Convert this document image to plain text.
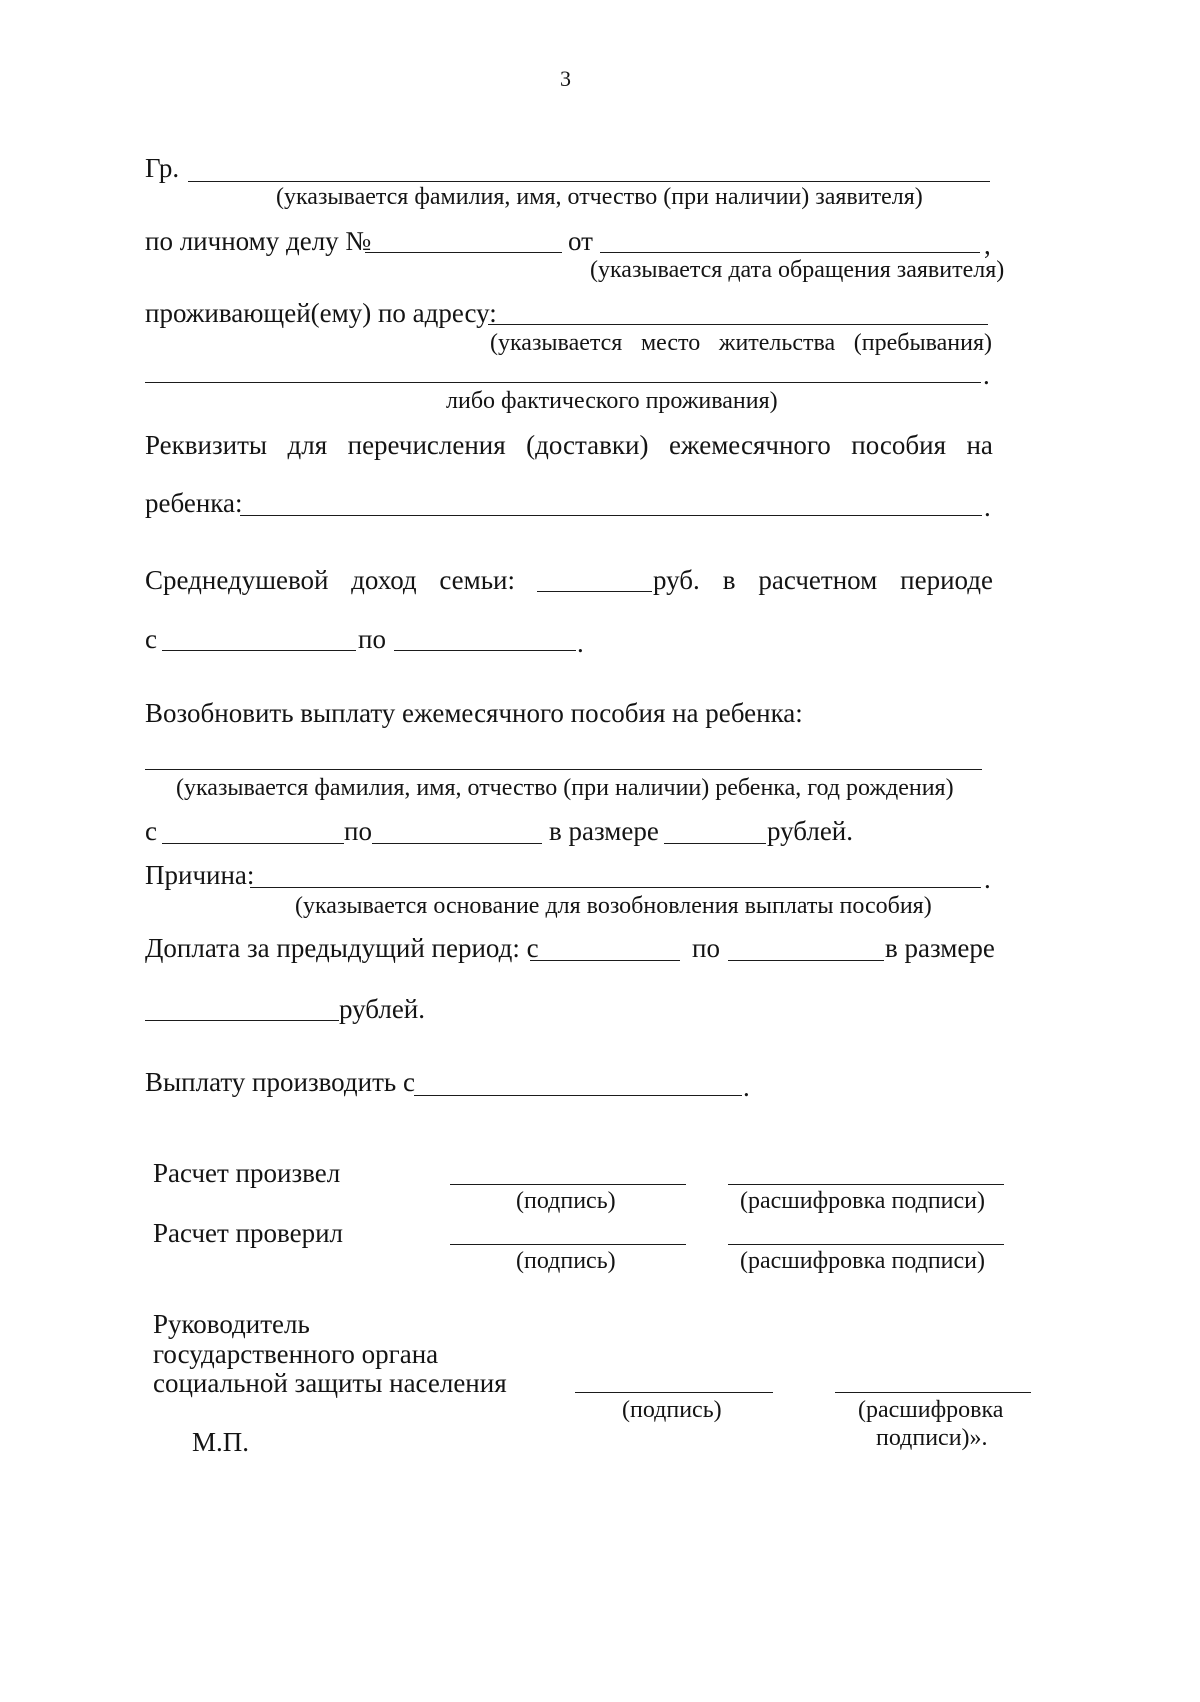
3
Гр.
(указывается фамилия, имя, отчество (при наличии) заявителя)
по личному делу №	от	,
(указывается дата обращения заявителя)
проживающей(ему) по адресу:
(указывается место жительства (пребывания)
.
либо фактического проживания)
Реквизиты для перечисления (доставки) ежемесячного пособия на
ребенка:	.
Среднедушевой доход семьи:	руб. в расчетном периоде
с	по	.
Возобновить выплату ежемесячного пособия на ребенка:
(указывается фамилия, имя, отчество (при наличии) ребенка, год рождения)
с	по	в размере	рублей.
Причина:	.
(указывается основание для возобновления выплаты пособия)
Доплата за предыдущий период: с	по	в размере
рублей.
Выплату производить с	.
Расчет произвел
(подпись)	(расшифровка подписи)
Расчет проверил
(подпись)	(расшифровка подписи)
Руководитель
государственного органа
социальной защиты населения
(подпись)	(расшифровка
подписи)».
М.П.
